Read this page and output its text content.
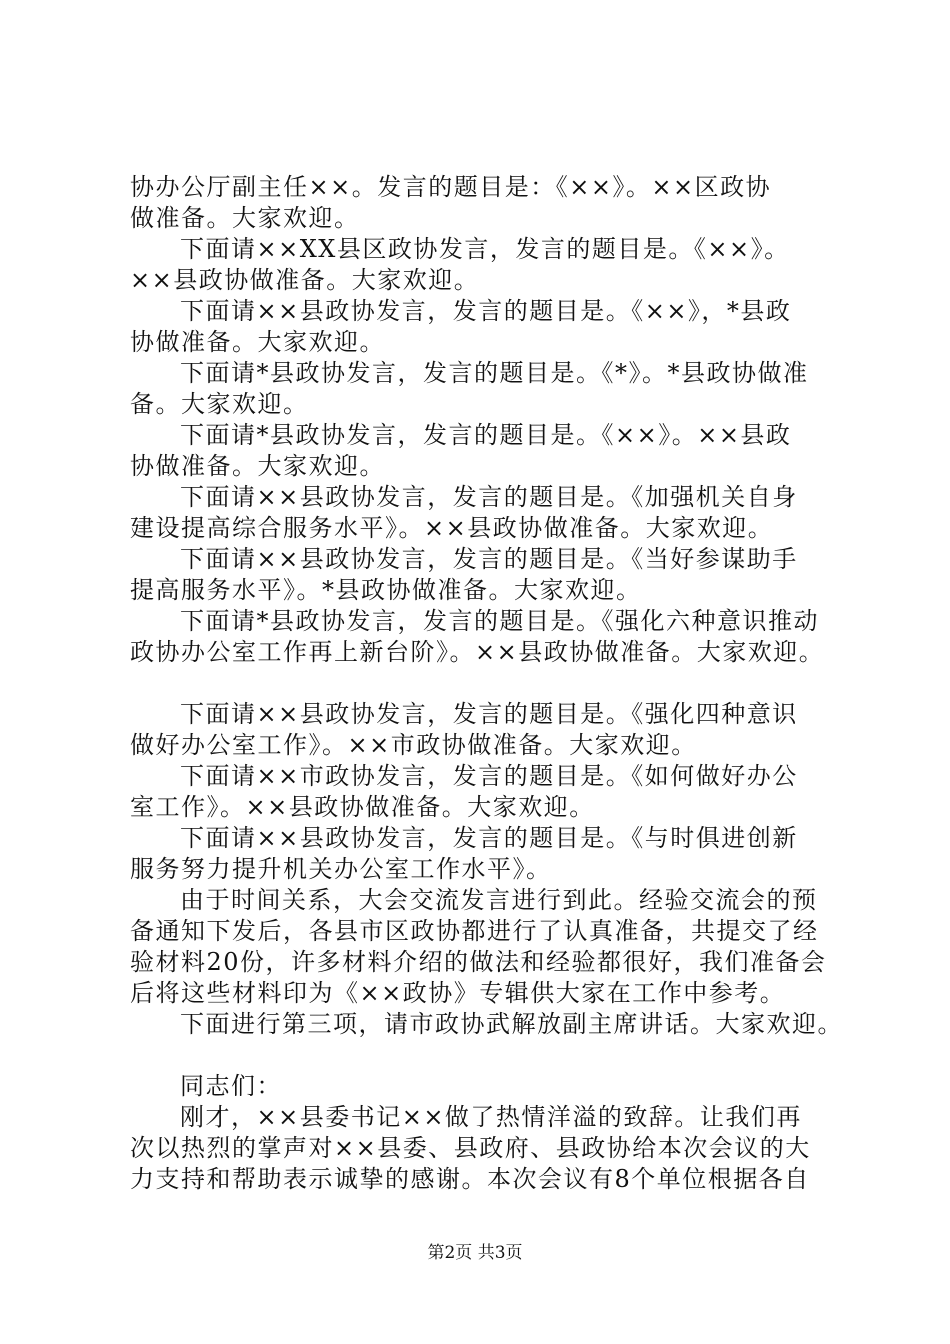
协办公厅副主任××。发言的题目是：《××》。××区政协
做准备。大家欢迎。
下面请××XX县区政协发言，发言的题目是。《××》。
××县政协做准备。大家欢迎。
下面请××县政协发言，发言的题目是。《××》，*县政
协做准备。大家欢迎。
下面请*县政协发言，发言的题目是。《*》。*县政协做准
备。大家欢迎。
下面请*县政协发言，发言的题目是。《××》。××县政
协做准备。大家欢迎。
下面请××县政协发言，发言的题目是。《加强机关自身
建设提高综合服务水平》。××县政协做准备。大家欢迎。
下面请××县政协发言，发言的题目是。《当好参谋助手
提高服务水平》。*县政协做准备。大家欢迎。
下面请*县政协发言，发言的题目是。《强化六种意识推动
政协办公室工作再上新台阶》。××县政协做准备。大家欢迎。
下面请××县政协发言，发言的题目是。《强化四种意识
做好办公室工作》。××市政协做准备。大家欢迎。
下面请××市政协发言，发言的题目是。《如何做好办公
室工作》。××县政协做准备。大家欢迎。
下面请××县政协发言，发言的题目是。《与时俱进创新
服务努力提升机关办公室工作水平》。
由于时间关系，大会交流发言进行到此。经验交流会的预
备通知下发后，各县市区政协都进行了认真准备，共提交了经
验材料20份，许多材料介绍的做法和经验都很好，我们准备会
后将这些材料印为《××政协》专辑供大家在工作中参考。
下面进行第三项，请市政协武解放副主席讲话。大家欢迎。
同志们：
刚才，××县委书记××做了热情洋溢的致辞。让我们再
次以热烈的掌声对××县委、县政府、县政协给本次会议的大
力支持和帮助表示诚挚的感谢。本次会议有8个单位根据各自
第2页 共3页
